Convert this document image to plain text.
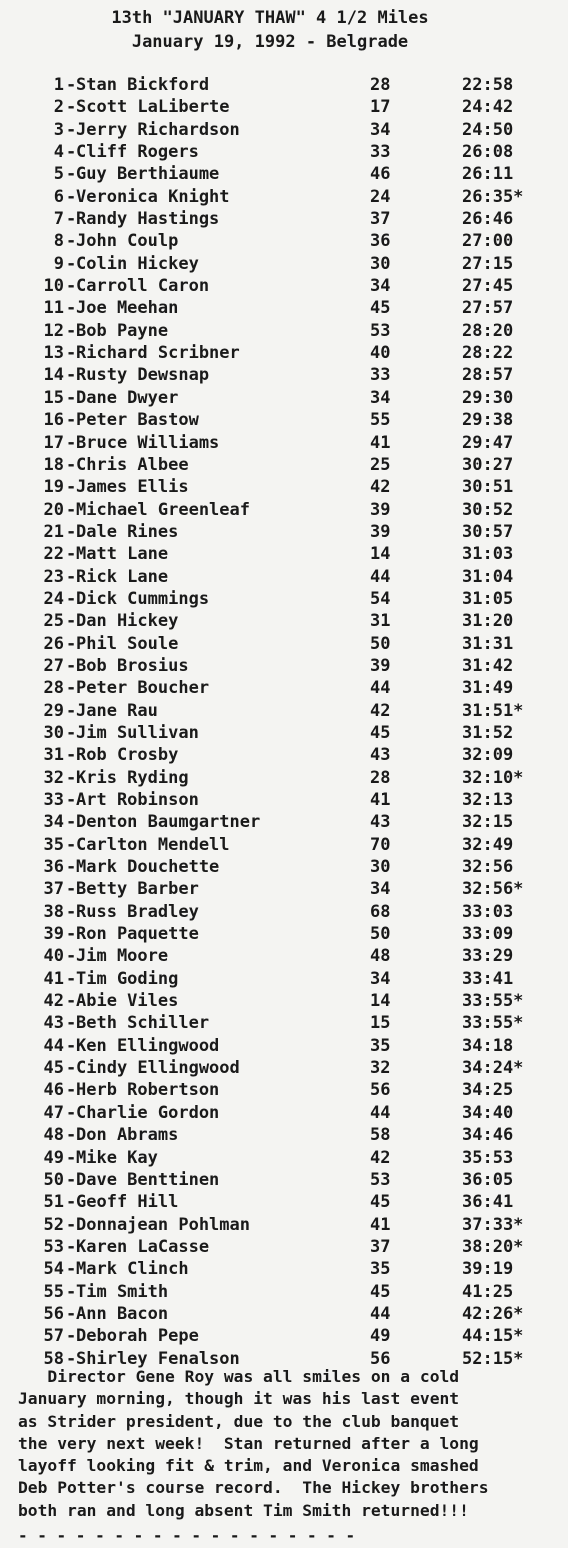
13th "JANUARY THAW" 4 1/2 Miles
January 19, 1992 - Belgrade
1 - Stan Bickford	28	22:58
2 - Scott LaLiberte	17	24:42
3 - Jerry Richardson	34	24:50
4 - Cliff Rogers	33	26:08
5 - Guy Berthiaume	46	26:11
6 - Veronica Knight	24	26:35*
7 - Randy Hastings	37	26:46
8 - John Coulp	36	27:00
9 - Colin Hickey	30	27:15
10 - Carroll Caron	34	27:45
11 - Joe Meehan	45	27:57
12 - Bob Payne	53	28:20
13 - Richard Scribner	40	28:22
14 - Rusty Dewsnap	33	28:57
15 - Dane Dwyer	34	29:30
16 - Peter Bastow	55	29:38
17 - Bruce Williams	41	29:47
18 - Chris Albee	25	30:27
19 - James Ellis	42	30:51
20 - Michael Greenleaf	39	30:52
21 - Dale Rines	39	30:57
22 - Matt Lane	14	31:03
23 - Rick Lane	44	31:04
24 - Dick Cummings	54	31:05
25 - Dan Hickey	31	31:20
26 - Phil Soule	50	31:31
27 - Bob Brosius	39	31:42
28 - Peter Boucher	44	31:49
29 - Jane Rau	42	31:51*
30 - Jim Sullivan	45	31:52
31 - Rob Crosby	43	32:09
32 - Kris Ryding	28	32:10*
33 - Art Robinson	41	32:13
34 - Denton Baumgartner	43	32:15
35 - Carlton Mendell	70	32:49
36 - Mark Douchette	30	32:56
37 - Betty Barber	34	32:56*
38 - Russ Bradley	68	33:03
39 - Ron Paquette	50	33:09
40 - Jim Moore	48	33:29
41 - Tim Goding	34	33:41
42 - Abie Viles	14	33:55*
43 - Beth Schiller	15	33:55*
44 - Ken Ellingwood	35	34:18
45 - Cindy Ellingwood	32	34:24*
46 - Herb Robertson	56	34:25
47 - Charlie Gordon	44	34:40
48 - Don Abrams	58	34:46
49 - Mike Kay	42	35:53
50 - Dave Benttinen	53	36:05
51 - Geoff Hill	45	36:41
52 - Donnajean Pohlman	41	37:33*
53 - Karen LaCasse	37	38:20*
54 - Mark Clinch	35	39:19
55 - Tim Smith	45	41:25
56 - Ann Bacon	44	42:26*
57 - Deborah Pepe	49	44:15*
58 - Shirley Fenalson	56	52:15*
Director Gene Roy was all smiles on a cold
January morning, though it was his last event
as Strider president, due to the club banquet
the very next week!  Stan returned after a long
layoff looking fit & trim, and Veronica smashed
Deb Potter's course record.  The Hickey brothers
both ran and long absent Tim Smith returned!!!
- - - - - - - - - - - - - - - - - -
